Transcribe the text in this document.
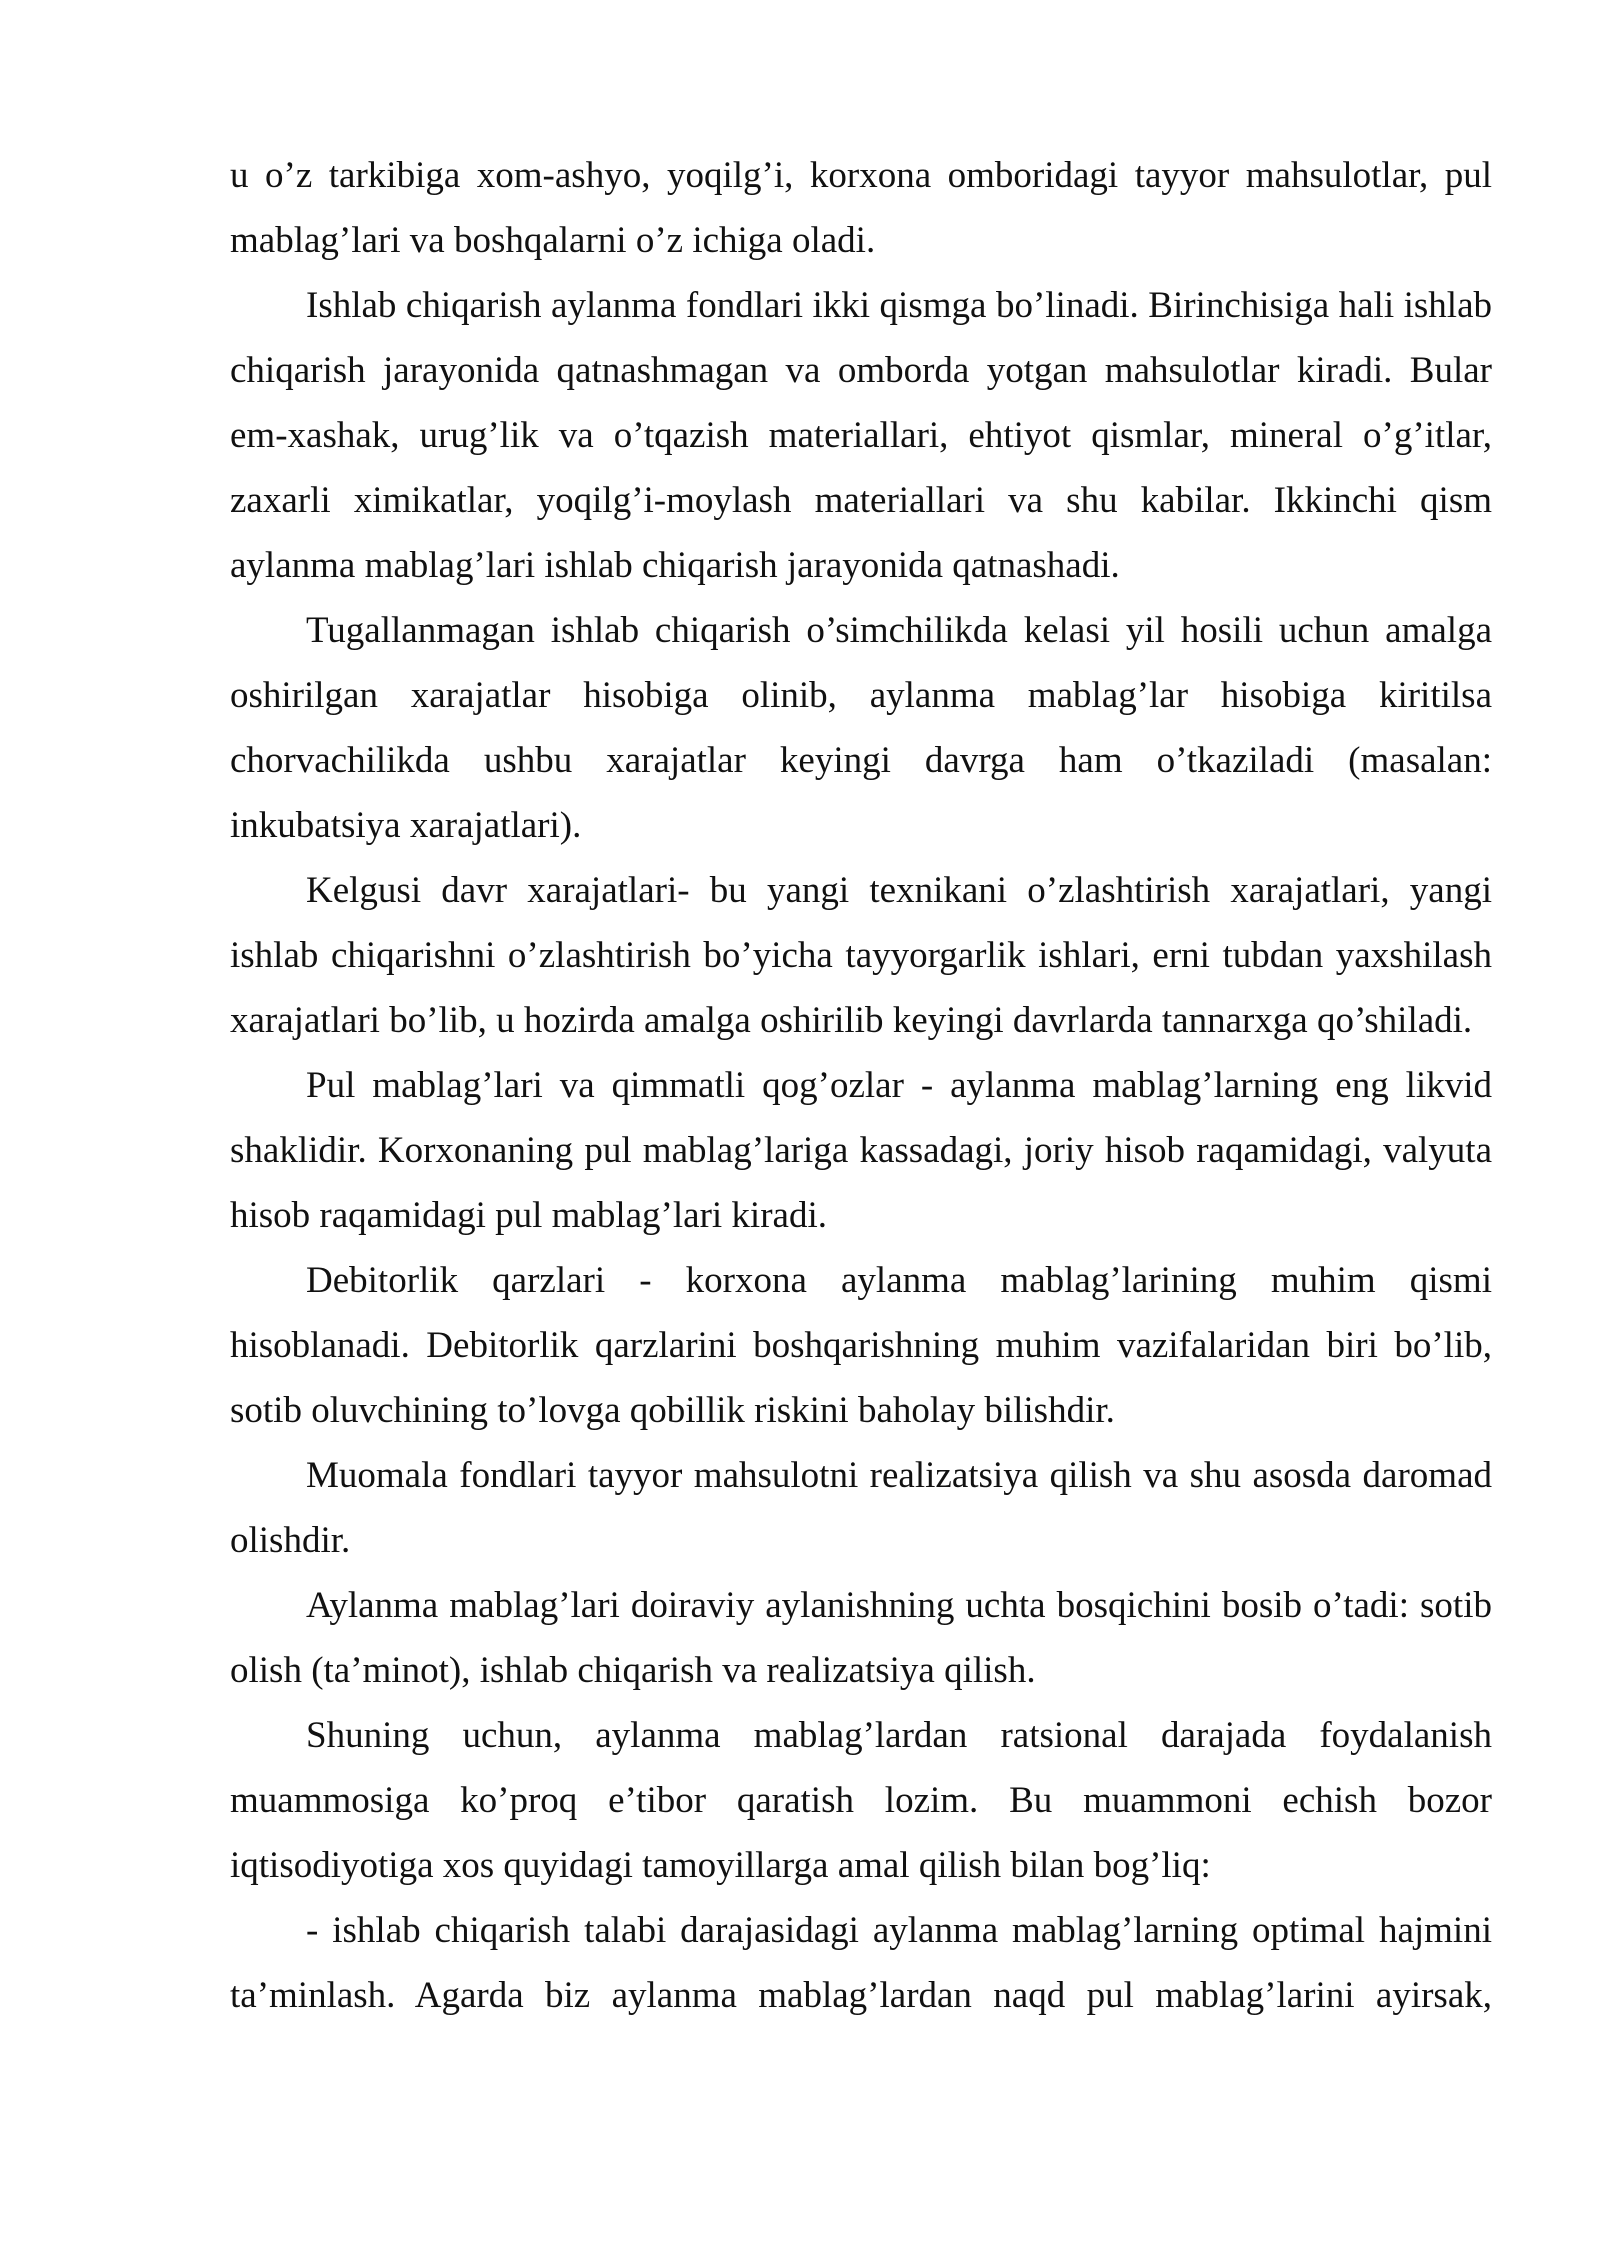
u o’z tarkibiga xom-ashyo, yoqilg’i, korxona omboridagi tayyor mahsulotlar, pul mablag’lari va boshqalarni o’z ichiga oladi.

Ishlab chiqarish aylanma fondlari ikki qismga bo’linadi. Birinchisiga hali ishlab chiqarish jarayonida qatnashmagan va omborda yotgan mahsulotlar kiradi. Bular em-xashak, urug’lik va o’tqazish materiallari, ehtiyot qismlar, mineral o’g’itlar, zaxarli ximikatlar, yoqilg’i-moylash materiallari va shu kabilar. Ikkinchi qism aylanma mablag’lari ishlab chiqarish jarayonida qatnashadi.

Tugallanmagan ishlab chiqarish o’simchilikda kelasi yil hosili uchun amalga oshirilgan xarajatlar hisobiga olinib, aylanma mablag’lar hisobiga kiritilsa chorvachilikda ushbu xarajatlar keyingi davrga ham o’tkaziladi (masalan: inkubatsiya xarajatlari).

Kelgusi davr xarajatlari- bu yangi texnikani o’zlashtirish xarajatlari, yangi ishlab chiqarishni o’zlashtirish bo’yicha tayyorgarlik ishlari, erni tubdan yaxshilash xarajatlari bo’lib, u hozirda amalga oshirilib keyingi davrlarda tannarxga qo’shiladi.

Pul mablag’lari va qimmatli qog’ozlar - aylanma mablag’larning eng likvid shaklidir. Korxonaning pul mablag’lariga kassadagi, joriy hisob raqamidagi, valyuta hisob raqamidagi pul mablag’lari kiradi.

Debitorlik qarzlari - korxona aylanma mablag’larining muhim qismi hisoblanadi. Debitorlik qarzlarini boshqarishning muhim vazifalaridan biri bo’lib, sotib oluvchining to’lovga qobillik riskini baholay bilishdir.

Muomala fondlari tayyor mahsulotni realizatsiya qilish va shu asosda daromad olishdir.

Aylanma mablag’lari doiraviy aylanishning uchta bosqichini bosib o’tadi: sotib olish (ta’minot), ishlab chiqarish va realizatsiya qilish.

Shuning uchun, aylanma mablag’lardan ratsional darajada foydalanish muammosiga ko’proq e’tibor qaratish lozim. Bu muammoni echish bozor iqtisodiyotiga xos quyidagi tamoyillarga amal qilish bilan bog’liq:

- ishlab chiqarish talabi darajasidagi aylanma mablag’larning optimal hajmini ta’minlash. Agarda biz aylanma mablag’lardan naqd pul mablag’larini ayirsak,
